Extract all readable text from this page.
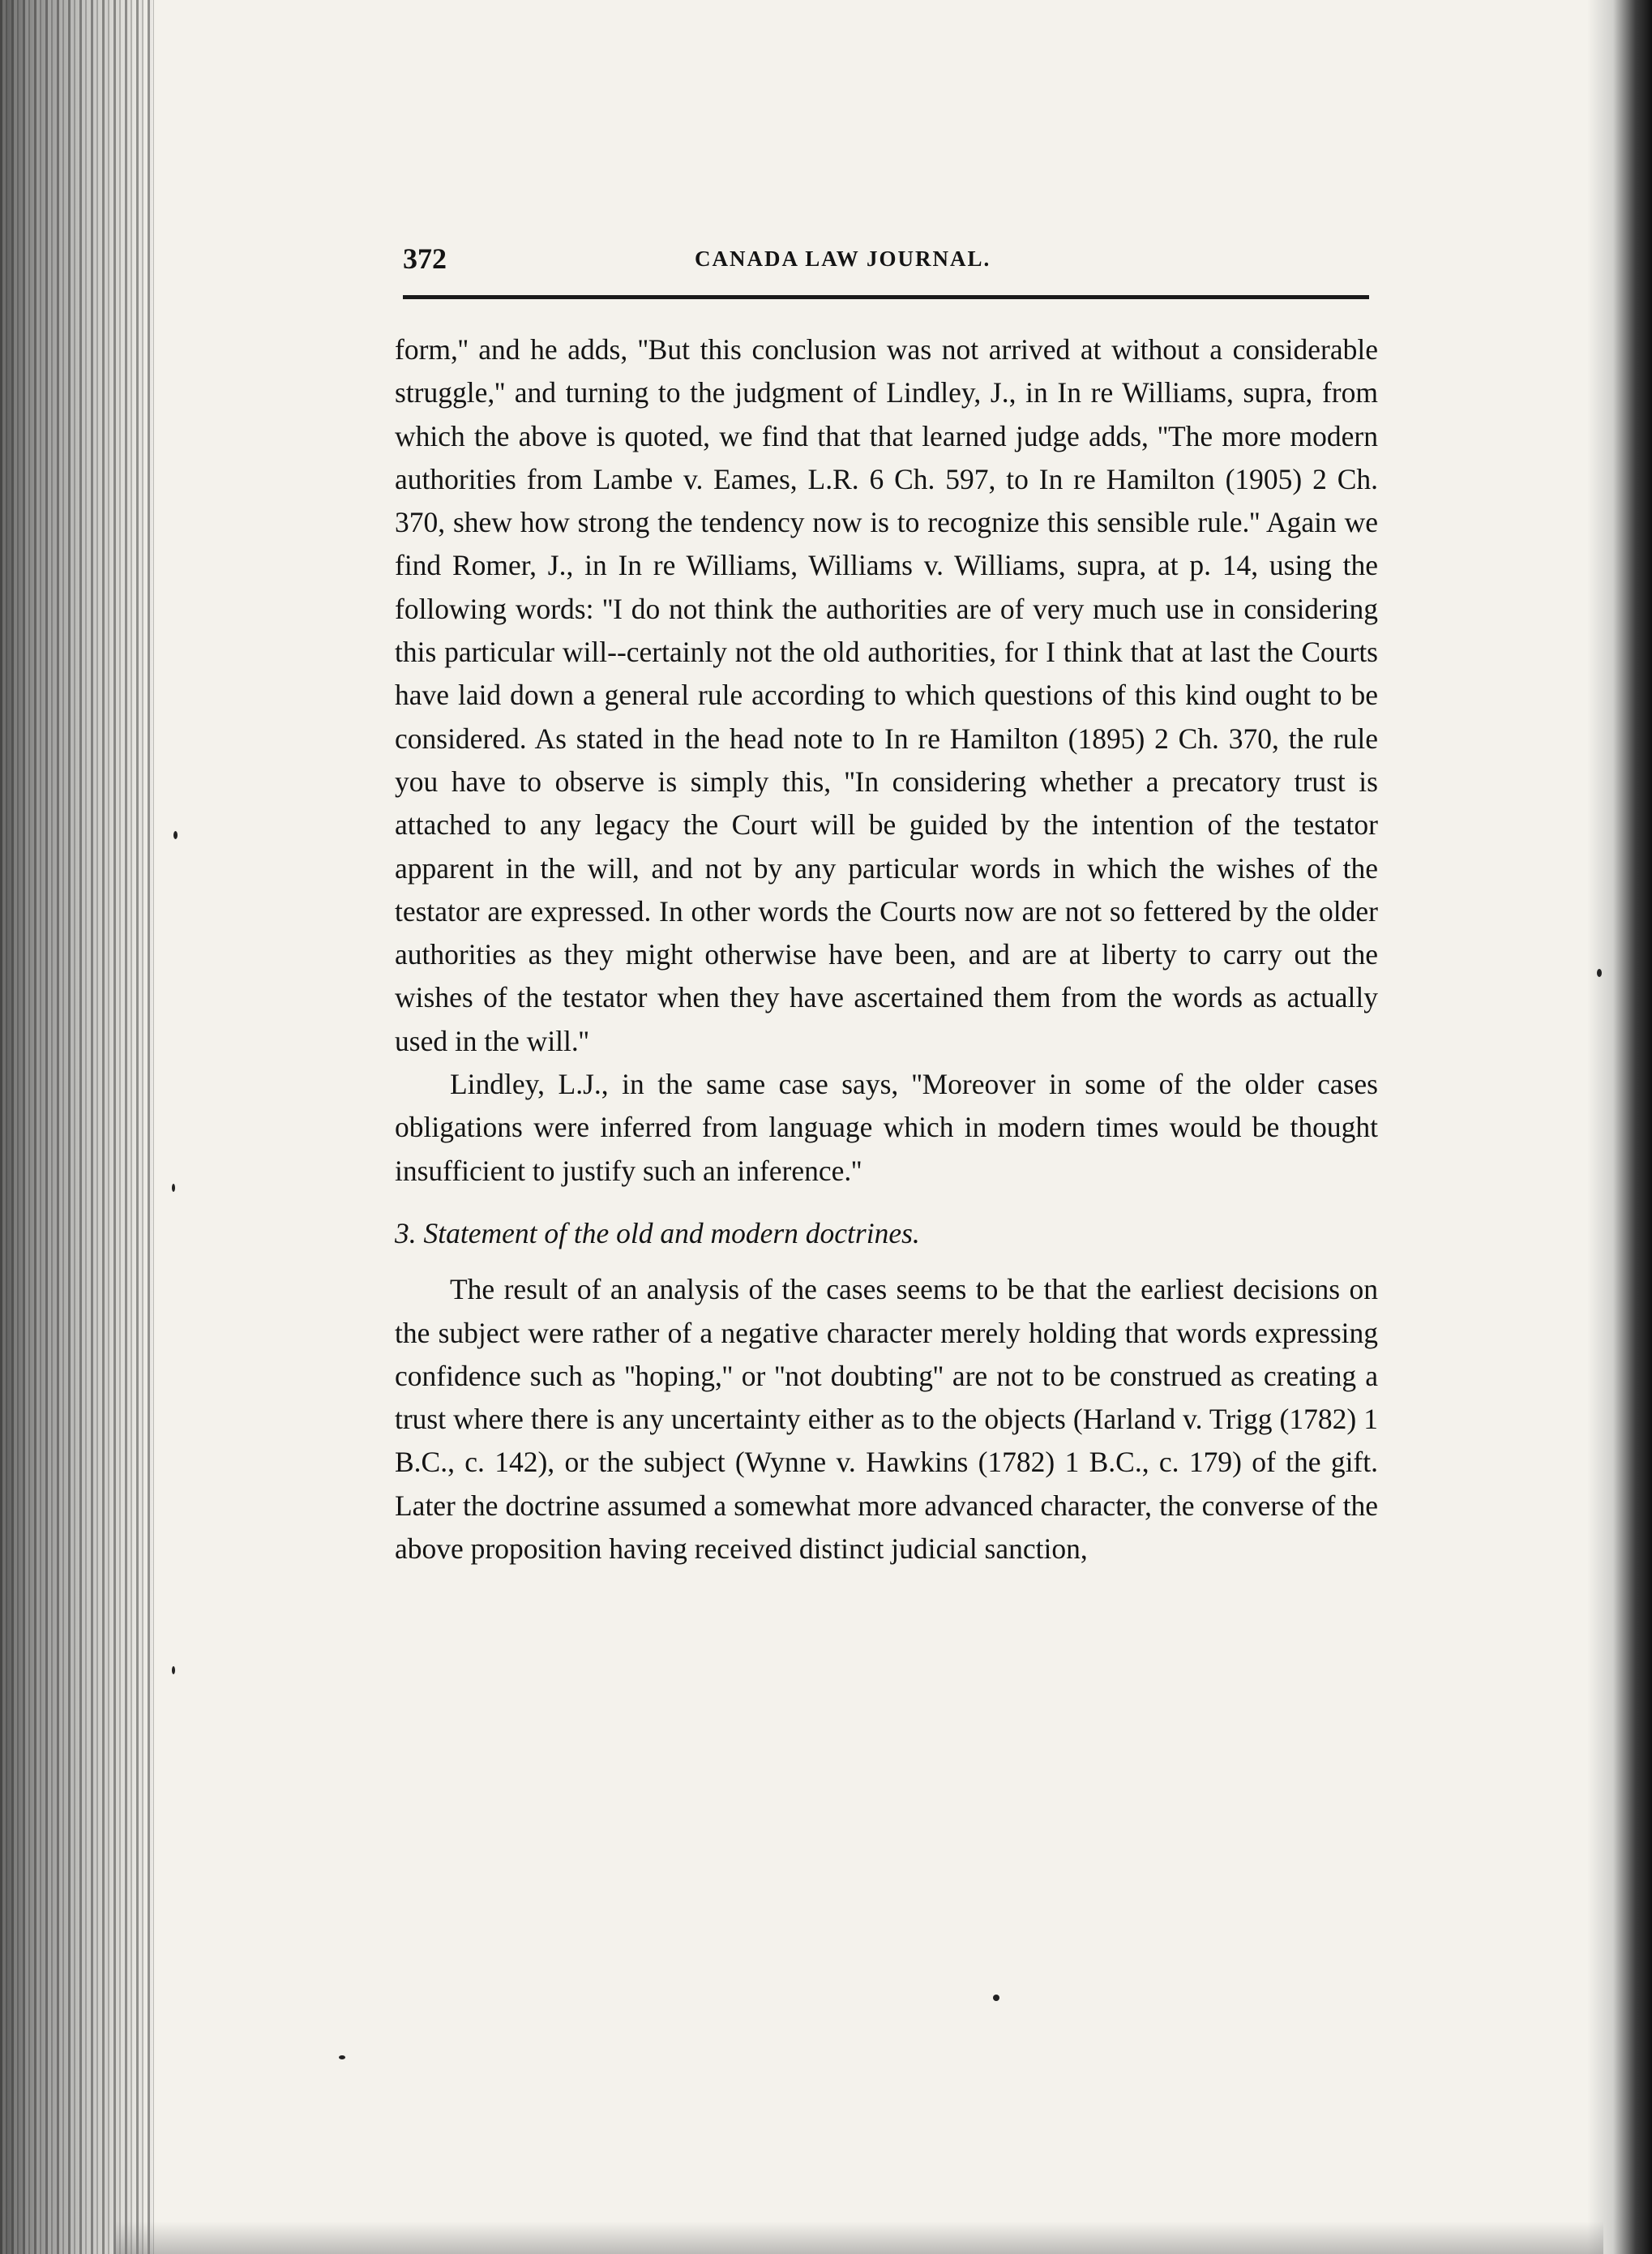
372	CANADA LAW JOURNAL.

form,'' and he adds, ''But this conclusion was not arrived at without a considerable struggle,'' and turning to the judgment of Lindley, J., in In re Williams, supra, from which the above is quoted, we find that that learned judge adds, ''The more modern authorities from Lambe v. Eames, L.R. 6 Ch. 597, to In re Hamilton (1905) 2 Ch. 370, shew how strong the tendency now is to recognize this sensible rule.'' Again we find Romer, J., in In re Williams, Williams v. Williams, supra, at p. 14, using the following words: ''I do not think the authorities are of very much use in considering this particular will--certainly not the old authorities, for I think that at last the Courts have laid down a general rule according to which questions of this kind ought to be considered. As stated in the head note to In re Hamilton (1895) 2 Ch. 370, the rule you have to observe is simply this, ''In considering whether a precatory trust is attached to any legacy the Court will be guided by the intention of the testator apparent in the will, and not by any particular words in which the wishes of the testator are expressed. In other words the Courts now are not so fettered by the older authorities as they might otherwise have been, and are at liberty to carry out the wishes of the testator when they have ascertained them from the words as actually used in the will.''

Lindley, L.J., in the same case says, ''Moreover in some of the older cases obligations were inferred from language which in modern times would be thought insufficient to justify such an inference.''

3. Statement of the old and modern doctrines.

The result of an analysis of the cases seems to be that the earliest decisions on the subject were rather of a negative character merely holding that words expressing confidence such as ''hoping,'' or ''not doubting'' are not to be construed as creating a trust where there is any uncertainty either as to the objects (Harland v. Trigg (1782) 1 B.C., c. 142), or the subject (Wynne v. Hawkins (1782) 1 B.C., c. 179) of the gift. Later the doctrine assumed a somewhat more advanced character, the converse of the above proposition having received distinct judicial sanction,
